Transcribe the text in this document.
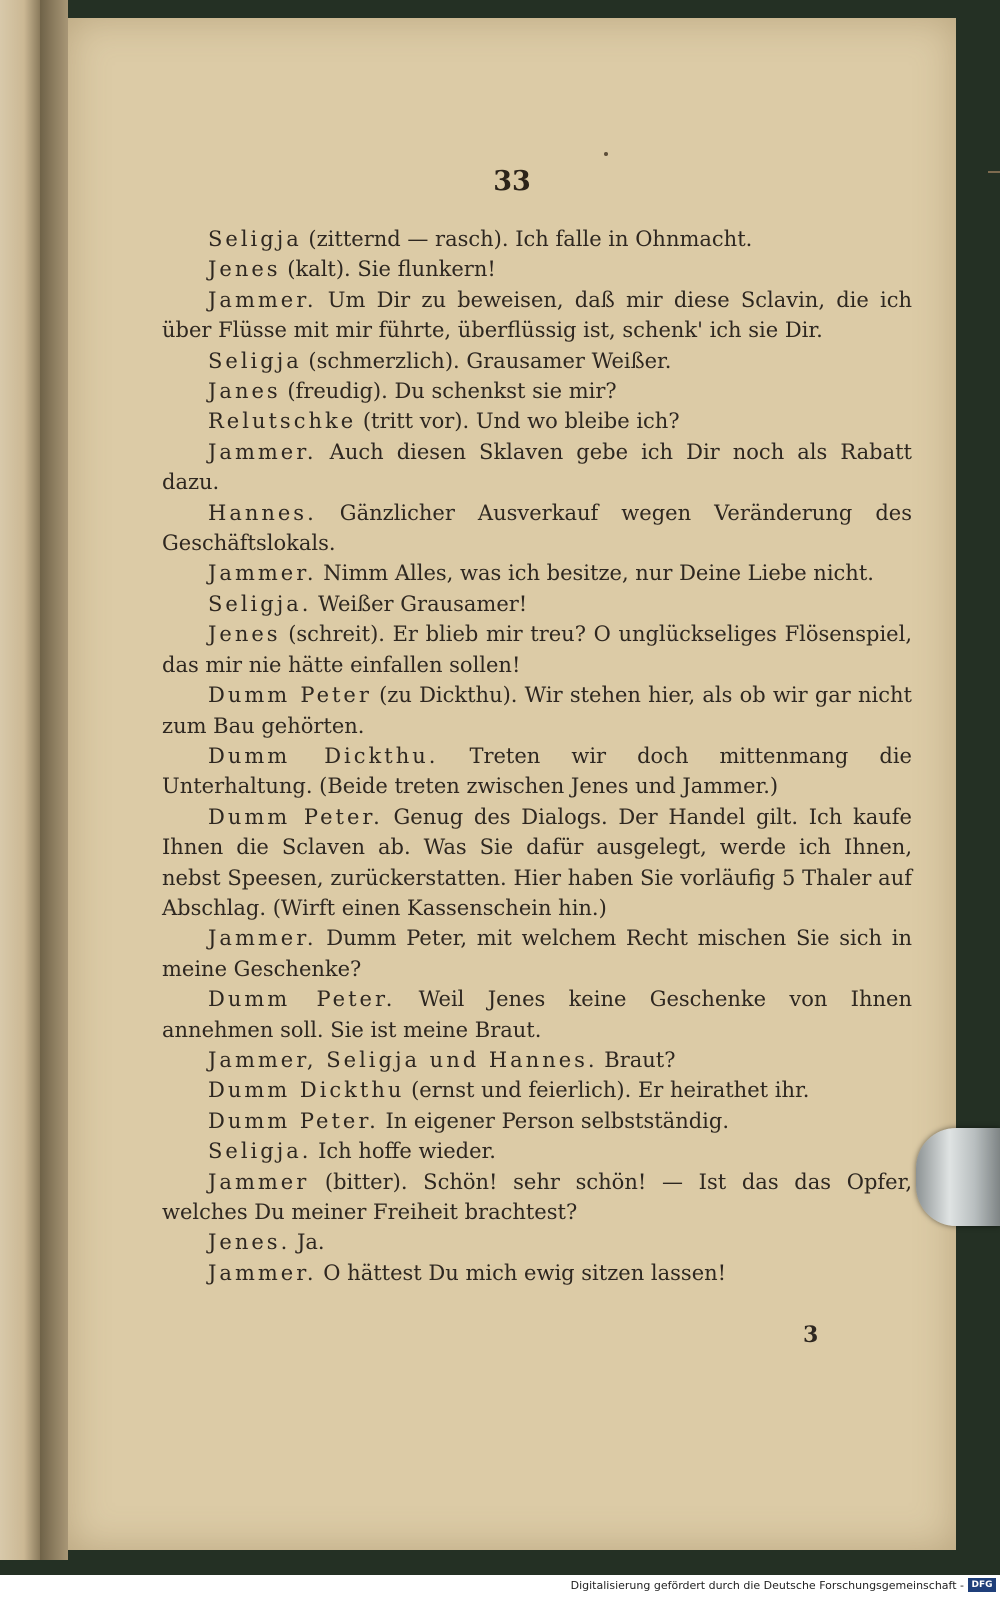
33

Seligja (zitternd — rasch). Ich falle in Ohnmacht.

Jenes (kalt). Sie flunkern!

Jammer. Um Dir zu beweisen, daß mir diese Sclavin, die ich über Flüsse mit mir führte, überflüssig ist, schenk' ich sie Dir.

Seligja (schmerzlich). Grausamer Weißer.

Janes (freudig). Du schenkst sie mir?

Relutschke (tritt vor). Und wo bleibe ich?

Jammer. Auch diesen Sklaven gebe ich Dir noch als Rabatt dazu.

Hannes. Gänzlicher Ausverkauf wegen Veränderung des Geschäftslokals.

Jammer. Nimm Alles, was ich besitze, nur Deine Liebe nicht.

Seligja. Weißer Grausamer!

Jenes (schreit). Er blieb mir treu? O unglückseliges Flösenspiel, das mir nie hätte einfallen sollen!

Dumm Peter (zu Dickthu). Wir stehen hier, als ob wir gar nicht zum Bau gehörten.

Dumm Dickthu. Treten wir doch mittenmang die Unterhaltung. (Beide treten zwischen Jenes und Jammer.)

Dumm Peter. Genug des Dialogs. Der Handel gilt. Ich kaufe Ihnen die Sclaven ab. Was Sie dafür ausgelegt, werde ich Ihnen, nebst Speesen, zurückerstatten. Hier haben Sie vorläufig 5 Thaler auf Abschlag. (Wirft einen Kassenschein hin.)

Jammer. Dumm Peter, mit welchem Recht mischen Sie sich in meine Geschenke?

Dumm Peter. Weil Jenes keine Geschenke von Ihnen annehmen soll. Sie ist meine Braut.

Jammer, Seligja und Hannes. Braut?

Dumm Dickthu (ernst und feierlich). Er heirathet ihr.

Dumm Peter. In eigener Person selbstständig.

Seligja. Ich hoffe wieder.

Jammer (bitter). Schön! sehr schön! — Ist das das Opfer, welches Du meiner Freiheit brachtest?

Jenes. Ja.

Jammer. O hättest Du mich ewig sitzen lassen!

3
Digitalisierung gefördert durch die Deutsche Forschungsgemeinschaft - DFG
